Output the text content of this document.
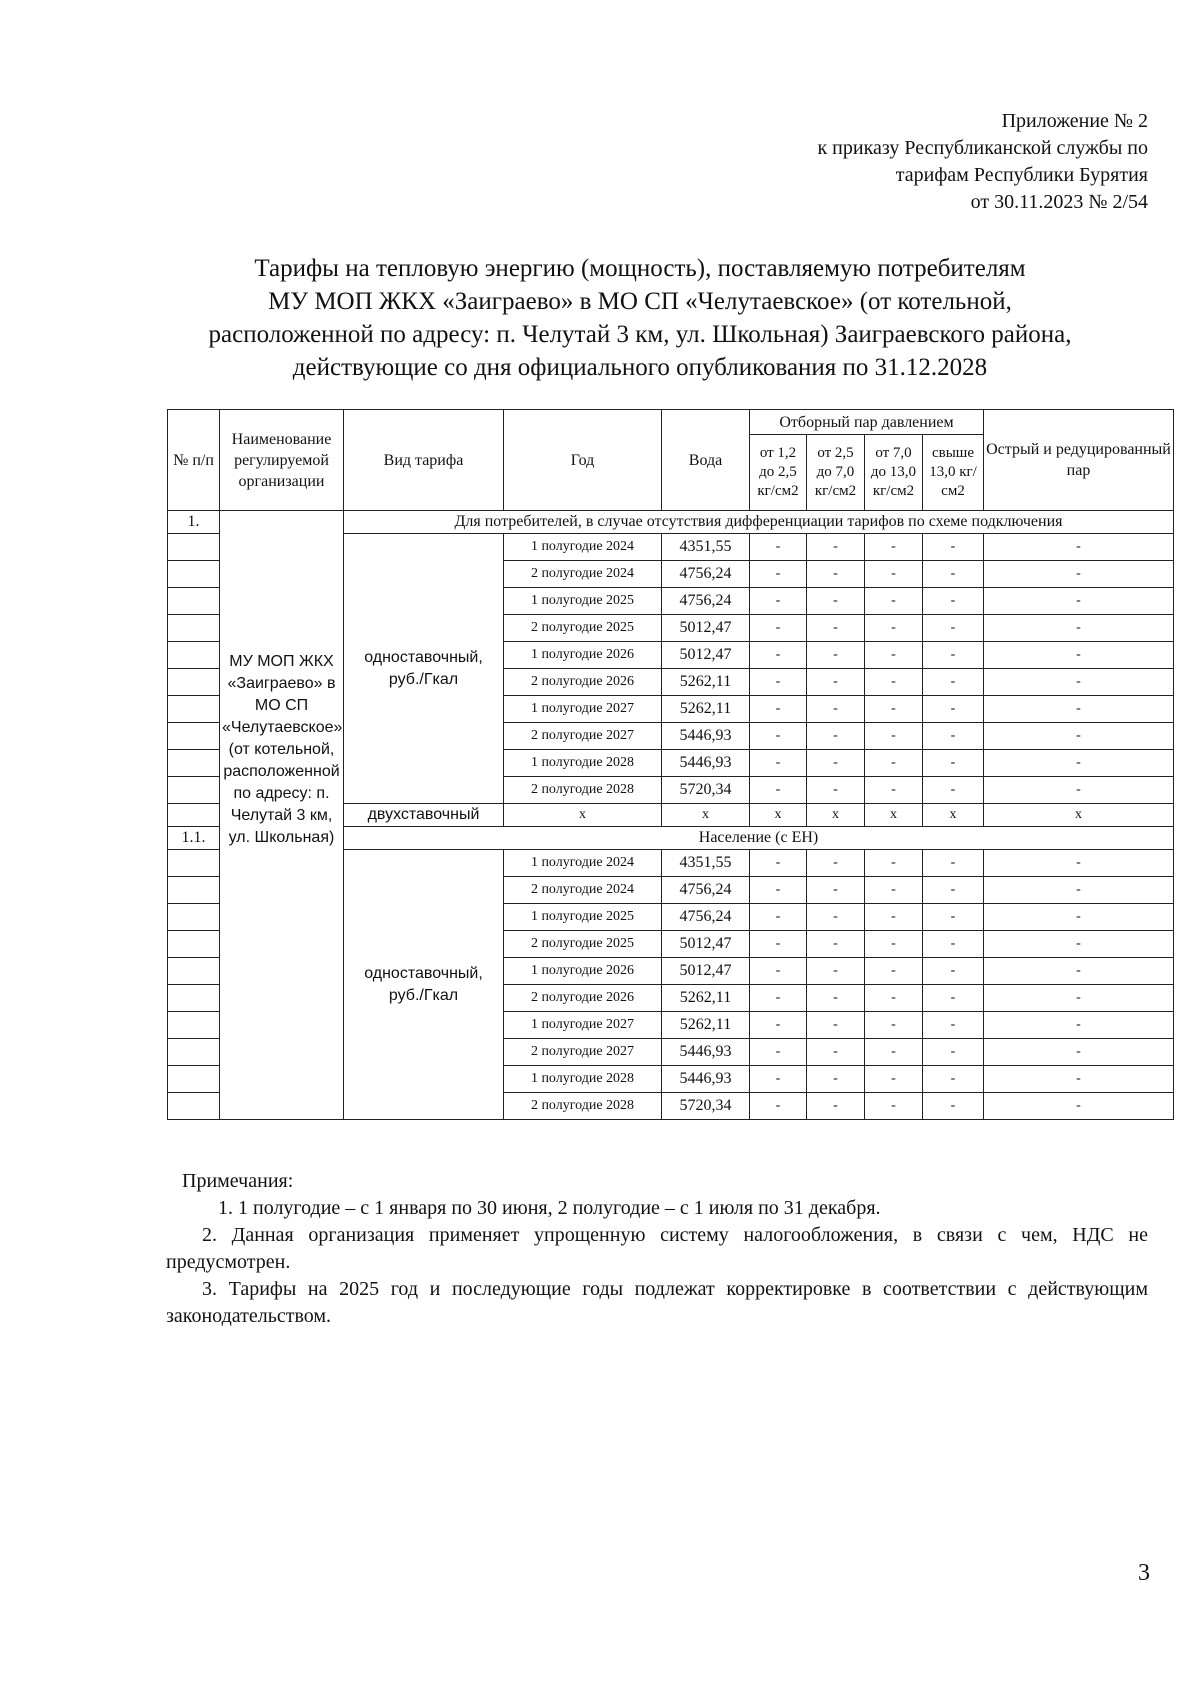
Приложение № 2
к приказу Республиканской службы по
тарифам Республики Бурятия
от 30.11.2023 № 2/54
Тарифы на тепловую энергию (мощность), поставляемую потребителям
МУ МОП ЖКХ «Заиграево» в МО СП «Челутаевское» (от котельной,
расположенной по адресу: п. Челутай 3 км, ул. Школьная) Заиграевского района,
действующие со дня официального опубликования по 31.12.2028
№ п/п	Наименование регулируемой организации	Вид тарифа	Год	Вода	Отборный пар давлением				Острый и редуцированный пар
					от 1,2 до 2,5 кг/см2	от 2,5 до 7,0 кг/см2	от 7,0 до 13,0 кг/см2	свыше 13,0 кг/см2	
1.	МУ МОП ЖКХ «Заиграево» в МО СП «Челутаевское» (от котельной, расположенной по адресу: п. Челутай 3 км, ул. Школьная)	Для потребителей, в случае отсутствия дифференциации тарифов по схеме подключения							
		одноставочный, руб./Гкал	1 полугодие 2024	4351,55	-	-	-	-	-
			2 полугодие 2024	4756,24	-	-	-	-	-
			1 полугодие 2025	4756,24	-	-	-	-	-
			2 полугодие 2025	5012,47	-	-	-	-	-
			1 полугодие 2026	5012,47	-	-	-	-	-
			2 полугодие 2026	5262,11	-	-	-	-	-
			1 полугодие 2027	5262,11	-	-	-	-	-
			2 полугодие 2027	5446,93	-	-	-	-	-
			1 полугодие 2028	5446,93	-	-	-	-	-
			2 полугодие 2028	5720,34	-	-	-	-	-
		двухставочный	х	х	х	х	х	х	х
1.1.		Население (с ЕН)							
		одноставочный, руб./Гкал	1 полугодие 2024	4351,55	-	-	-	-	-
			2 полугодие 2024	4756,24	-	-	-	-	-
			1 полугодие 2025	4756,24	-	-	-	-	-
			2 полугодие 2025	5012,47	-	-	-	-	-
			1 полугодие 2026	5012,47	-	-	-	-	-
			2 полугодие 2026	5262,11	-	-	-	-	-
			1 полугодие 2027	5262,11	-	-	-	-	-
			2 полугодие 2027	5446,93	-	-	-	-	-
			1 полугодие 2028	5446,93	-	-	-	-	-
			2 полугодие 2028	5720,34	-	-	-	-	-

Примечания:

1. 1 полугодие – с 1 января по 30 июня, 2 полугодие – с 1 июля по 31 декабря.

2. Данная организация применяет упрощенную систему налогообложения, в связи с чем, НДС не предусмотрен.

3. Тарифы на 2025 год и последующие годы подлежат корректировке в соответствии с действующим законодательством.

3
